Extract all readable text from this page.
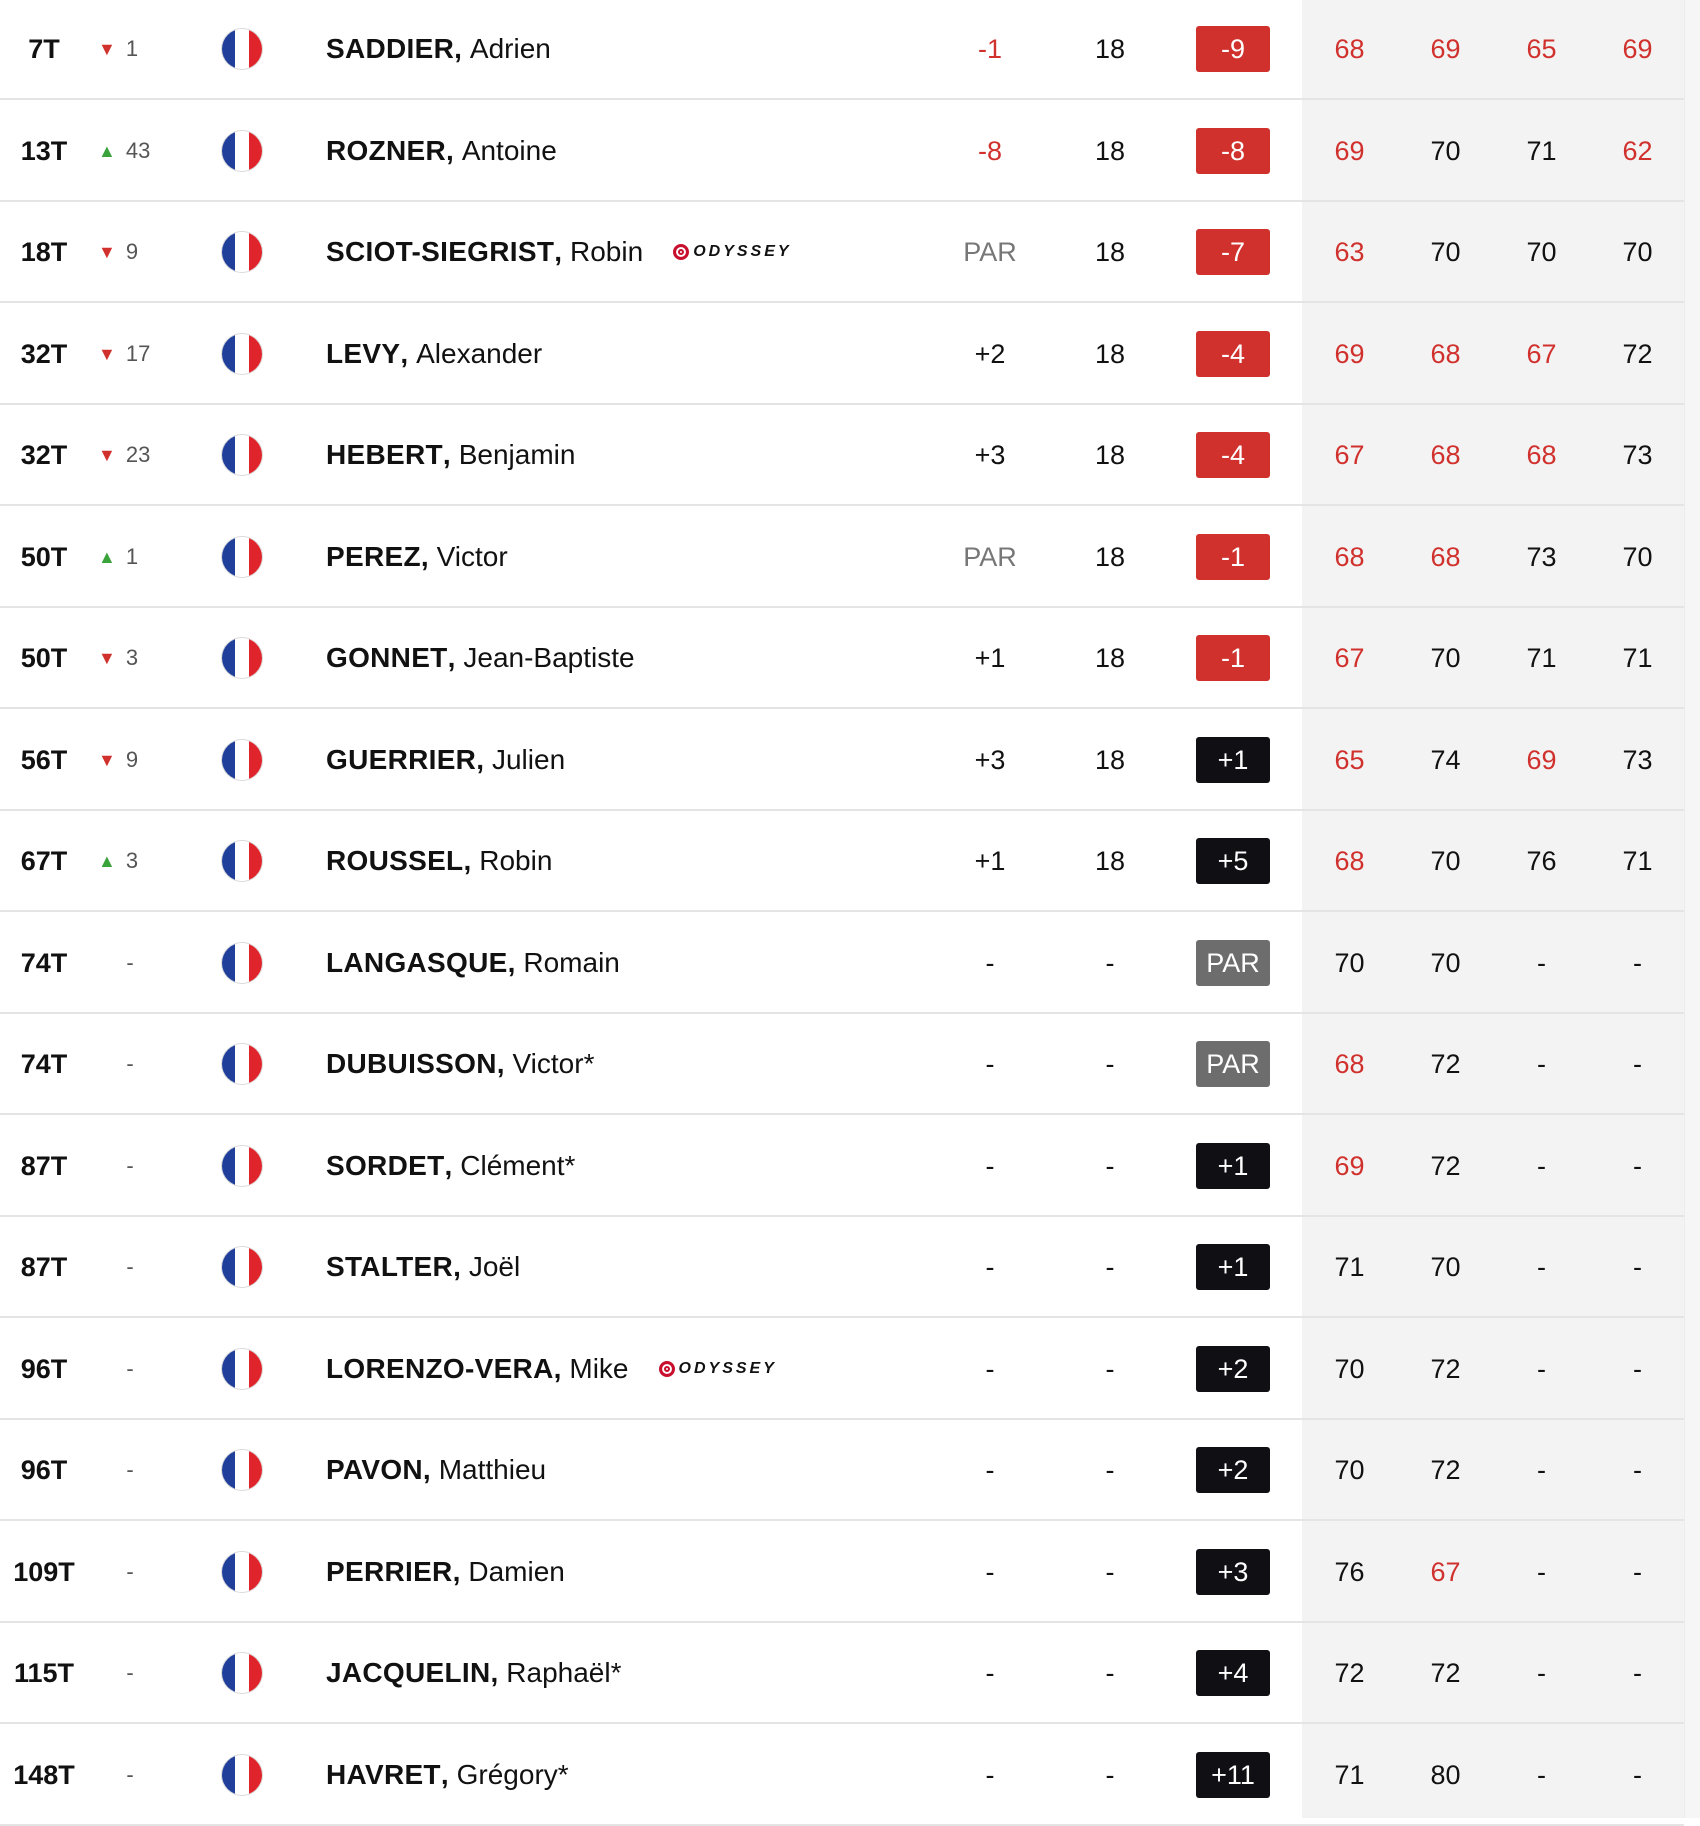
7T	▼ 1	SADDIER , Adrien	-1	18	-9	68	69	65	69
13T	▲ 43	ROZNER , Antoine	-8	18	-8	69	70	71	62
18T	▼ 9	SCIOT-SIEGRIST , Robin	ODYSSEY	PAR	18	-7	63	70	70	70
32T	▼ 17	LEVY , Alexander	+2	18	-4	69	68	67	72
32T	▼ 23	HEBERT , Benjamin	+3	18	-4	67	68	68	73
50T	▲ 1	PEREZ , Victor	PAR	18	-1	68	68	73	70
50T	▼ 3	GONNET , Jean-Baptiste	+1	18	-1	67	70	71	71
56T	▼ 9	GUERRIER , Julien	+3	18	+1	65	74	69	73
67T	▲ 3	ROUSSEL , Robin	+1	18	+5	68	70	76	71
74T	-	LANGASQUE , Romain	-	-	PAR	70	70	-	-
74T	-	DUBUISSON , Victor*	-	-	PAR	68	72	-	-
87T	-	SORDET , Clément*	-	-	+1	69	72	-	-
87T	-	STALTER , Joël	-	-	+1	71	70	-	-
96T	-	LORENZO-VERA , Mike	ODYSSEY	-	-	+2	70	72	-	-
96T	-	PAVON , Matthieu	-	-	+2	70	72	-	-
109T	-	PERRIER , Damien	-	-	+3	76	67	-	-
115T	-	JACQUELIN , Raphaël*	-	-	+4	72	72	-	-
148T	-	HAVRET , Grégory*	-	-	+11	71	80	-	-
